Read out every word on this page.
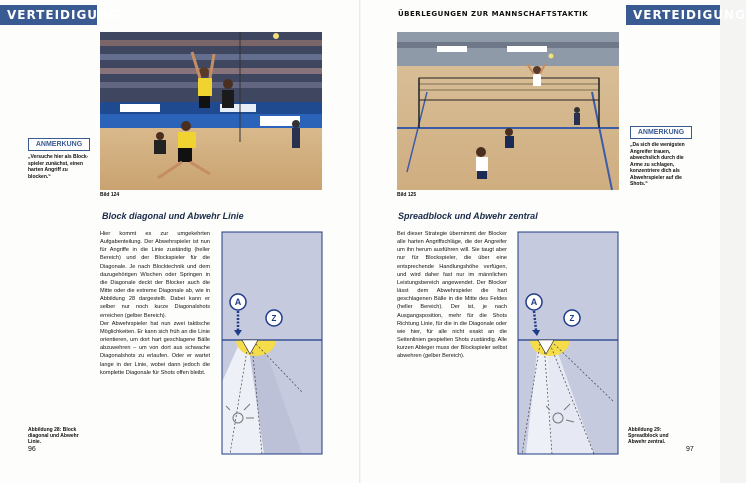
VERTEIDIGUNG
Bild 124
ANMERKUNG
„Versuche hier als Block-spieler zunächst, einen harten Angriff zu blocken.“
Block diagonal und Abwehr Linie

Hier kommt es zur umgekehrten Aufgabenteilung. Der Abwehrspieler ist nun für Angriffe in die Linie zuständig (heller Bereich) und der Blockspieler für die Diagonale. Je nach Blocktechnik und dem dazugehörigen Wischen oder Springen in die Diagonale deckt der Blocker auch die Mitte oder die extreme Diagonale ab, wie in Abbildung 28 dargestellt. Dabei kann er selber nur noch kurze Diagonalshots erreichen (gelber Bereich).

Der Abwehrspieler hat nun zwei taktische Möglichkeiten. Er kann sich früh an die Linie orientieren, um dort hart geschlagene Bälle abzuwehren – um von dort aus schwache Diagonalshots zu erlaufen. Oder er wartet lange in der Linie, wobei dann jedoch die komplette Diagonale für Shots offen bleibt.

A
Z
Abbildung 28: Block diagonal und Abwehr Linie.
96
ÜBERLEGUNGEN ZUR MANNSCHAFTSTAKTIK	VERTEIDIGUNG
Bild 125
ANMERKUNG
„Da sich die wenigsten Angreifer trauen, abwechslich durch die Arme zu schlagen, konzentriere dich als Abwehrspieler auf die Shots.“
Spreadblock und Abwehr zentral

Bei dieser Strategie übernimmt der Blocker alle harten Angriffschläge, die der Angreifer um ihn herum ausführen will. Sie taugt aber nur für Blockspieler, die über eine entsprechende Handlungshöhe verfügen, und wird daher fast nur im männlichen Leistungsbereich angewendet. Der Blocker lässt dem Abwehrspieler die hart geschlagenen Bälle in die Mitte des Feldes (heller Bereich). Der ist, je nach Ausgangsposition, mehr für die Shots Richtung Linie, für die in die Diagonale oder wie hier, für alle nicht exakt an die Seitenlinien gespielten Shots zuständig. Alle kurzen Ableger muss der Blockspieler selbst abwehren (gelber Bereich).

A
Z
Abbildung 29: Spreadblock und Abwehr zentral.
97
